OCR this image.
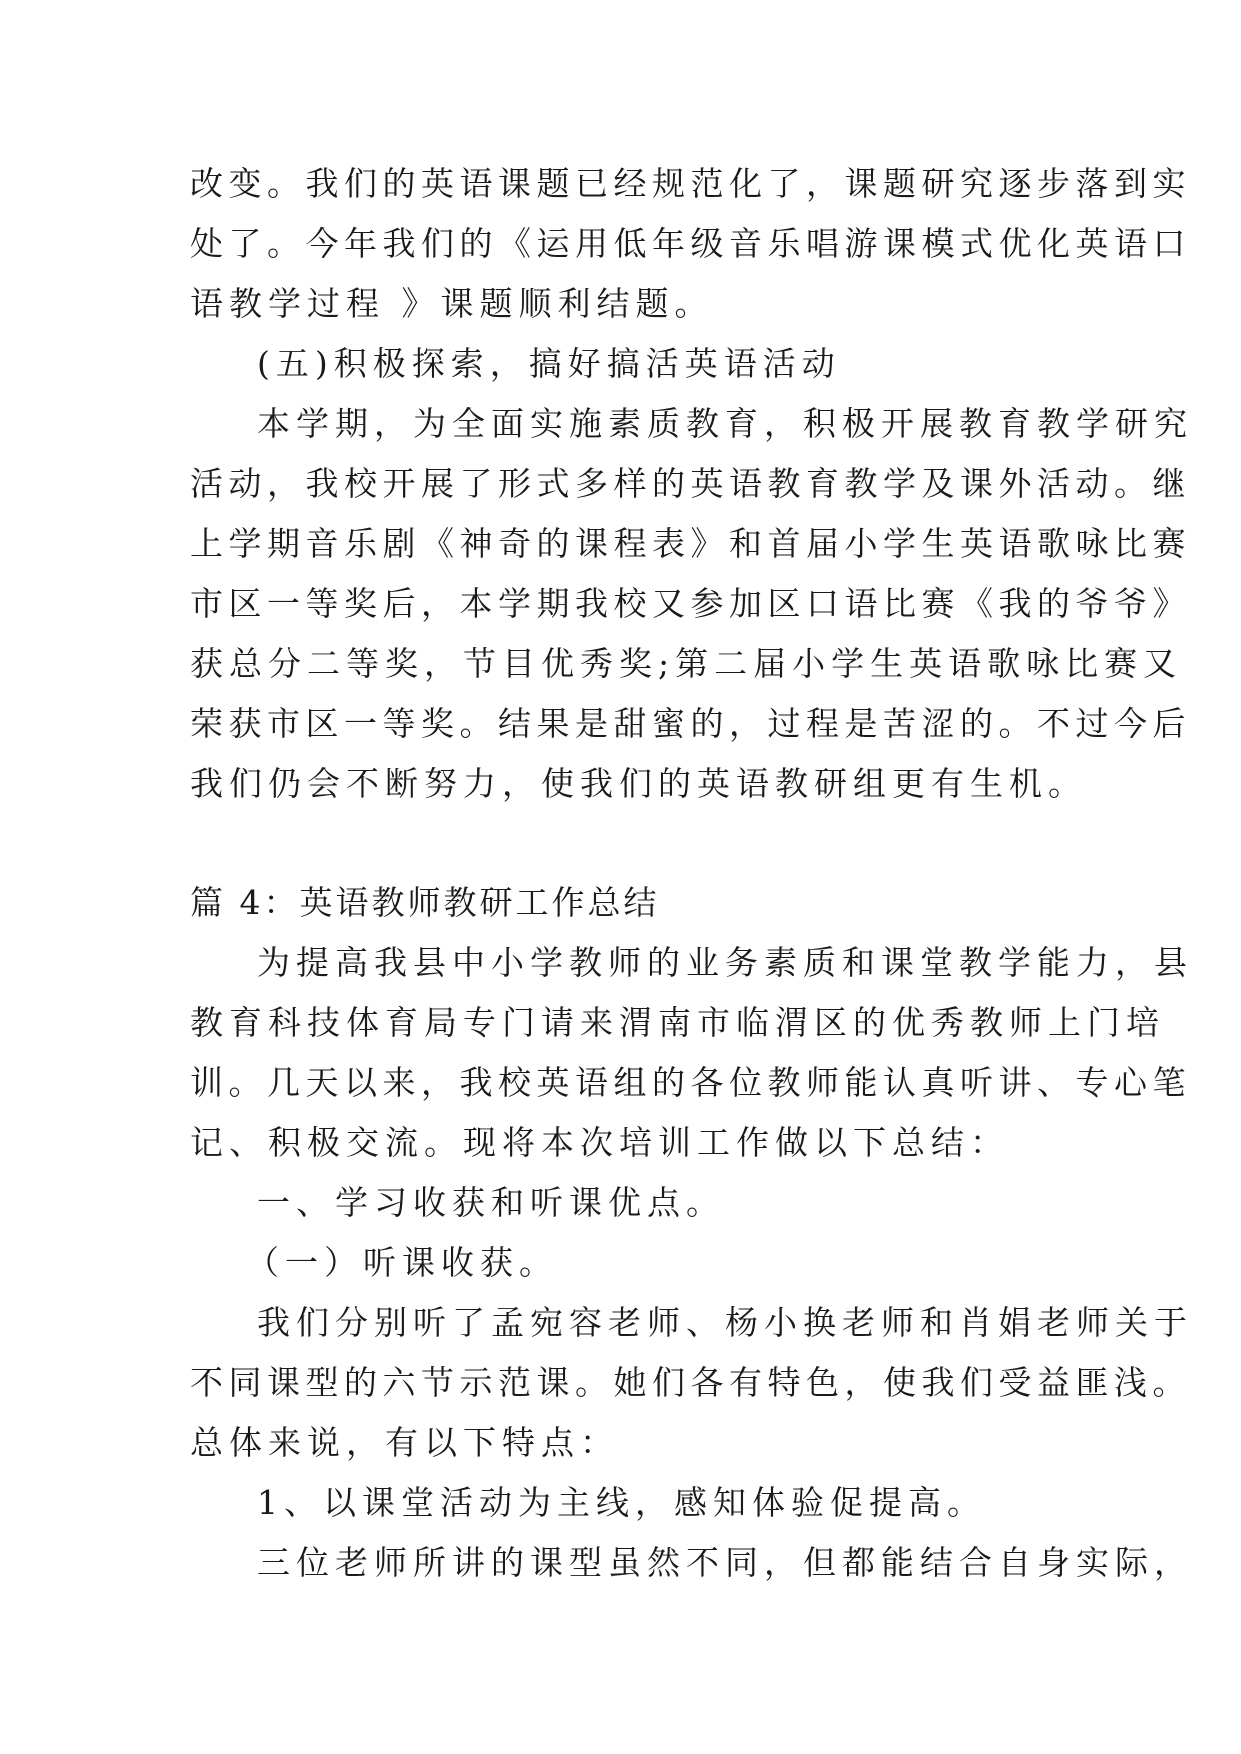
改变。我们的英语课题已经规范化了，课题研究逐步落到实
处了。今年我们的《运用低年级音乐唱游课模式优化英语口
语教学过程 》课题顺利结题。
(五)积极探索，搞好搞活英语活动
本学期，为全面实施素质教育，积极开展教育教学研究
活动，我校开展了形式多样的英语教育教学及课外活动。继
上学期音乐剧《神奇的课程表》和首届小学生英语歌咏比赛
市区一等奖后，本学期我校又参加区口语比赛《我的爷爷》
获总分二等奖，节目优秀奖;第二届小学生英语歌咏比赛又
荣获市区一等奖。结果是甜蜜的，过程是苦涩的。不过今后
我们仍会不断努力，使我们的英语教研组更有生机。
篇 4：英语教师教研工作总结
为提高我县中小学教师的业务素质和课堂教学能力，县
教育科技体育局专门请来渭南市临渭区的优秀教师上门培
训。几天以来，我校英语组的各位教师能认真听讲、专心笔
记、积极交流。现将本次培训工作做以下总结：
一、学习收获和听课优点。
（一）听课收获。
我们分别听了孟宛容老师、杨小换老师和肖娟老师关于
不同课型的六节示范课。她们各有特色，使我们受益匪浅。
总体来说，有以下特点：
1、以课堂活动为主线，感知体验促提高。
三位老师所讲的课型虽然不同，但都能结合自身实际，
